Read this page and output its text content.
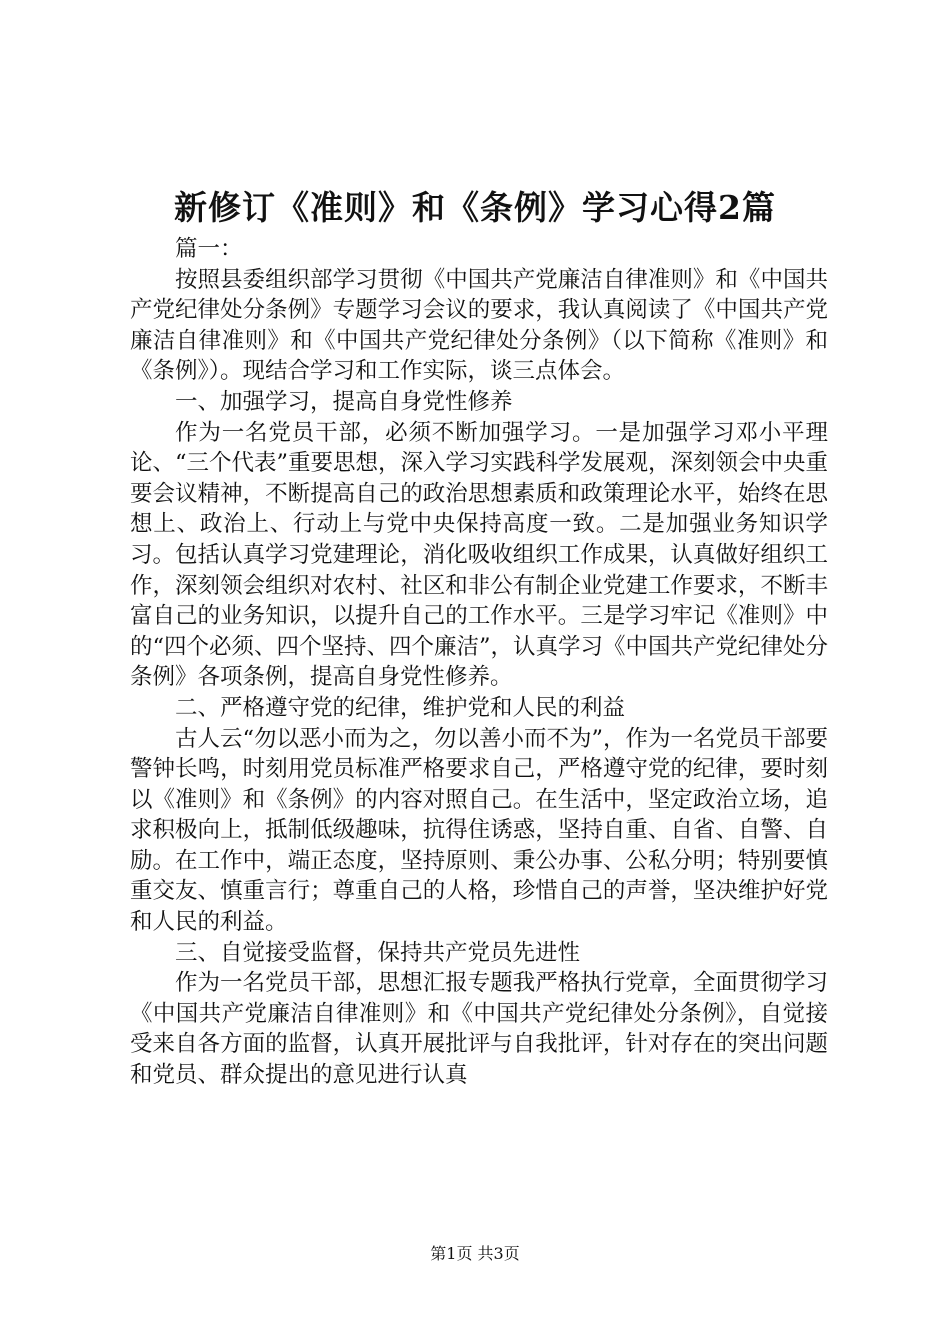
新修订《准则》和《条例》学习心得2篇

篇一：

按照县委组织部学习贯彻《中国共产党廉洁自律准则》和《中国共产党纪律处分条例》专题学习会议的要求，我认真阅读了《中国共产党廉洁自律准则》和《中国共产党纪律处分条例》（以下简称《准则》和《条例》）。现结合学习和工作实际，谈三点体会。

一、加强学习，提高自身党性修养

作为一名党员干部，必须不断加强学习。一是加强学习邓小平理论、“三个代表”重要思想，深入学习实践科学发展观，深刻领会中央重要会议精神，不断提高自己的政治思想素质和政策理论水平，始终在思想上、政治上、行动上与党中央保持高度一致。二是加强业务知识学习。包括认真学习党建理论，消化吸收组织工作成果，认真做好组织工作，深刻领会组织对农村、社区和非公有制企业党建工作要求，不断丰富自己的业务知识，以提升自己的工作水平。三是学习牢记《准则》中的“四个必须、四个坚持、四个廉洁”，认真学习《中国共产党纪律处分条例》各项条例，提高自身党性修养。

二、严格遵守党的纪律，维护党和人民的利益

古人云“勿以恶小而为之，勿以善小而不为”，作为一名党员干部要警钟长鸣，时刻用党员标准严格要求自己，严格遵守党的纪律，要时刻以《准则》和《条例》的内容对照自己。在生活中，坚定政治立场，追求积极向上，抵制低级趣味，抗得住诱惑，坚持自重、自省、自警、自励。在工作中，端正态度，坚持原则、秉公办事、公私分明；特别要慎重交友、慎重言行；尊重自己的人格，珍惜自己的声誉，坚决维护好党和人民的利益。

三、自觉接受监督，保持共产党员先进性

作为一名党员干部，思想汇报专题我严格执行党章，全面贯彻学习《中国共产党廉洁自律准则》和《中国共产党纪律处分条例》，自觉接受来自各方面的监督，认真开展批评与自我批评，针对存在的突出问题和党员、群众提出的意见进行认真

第1页 共3页
